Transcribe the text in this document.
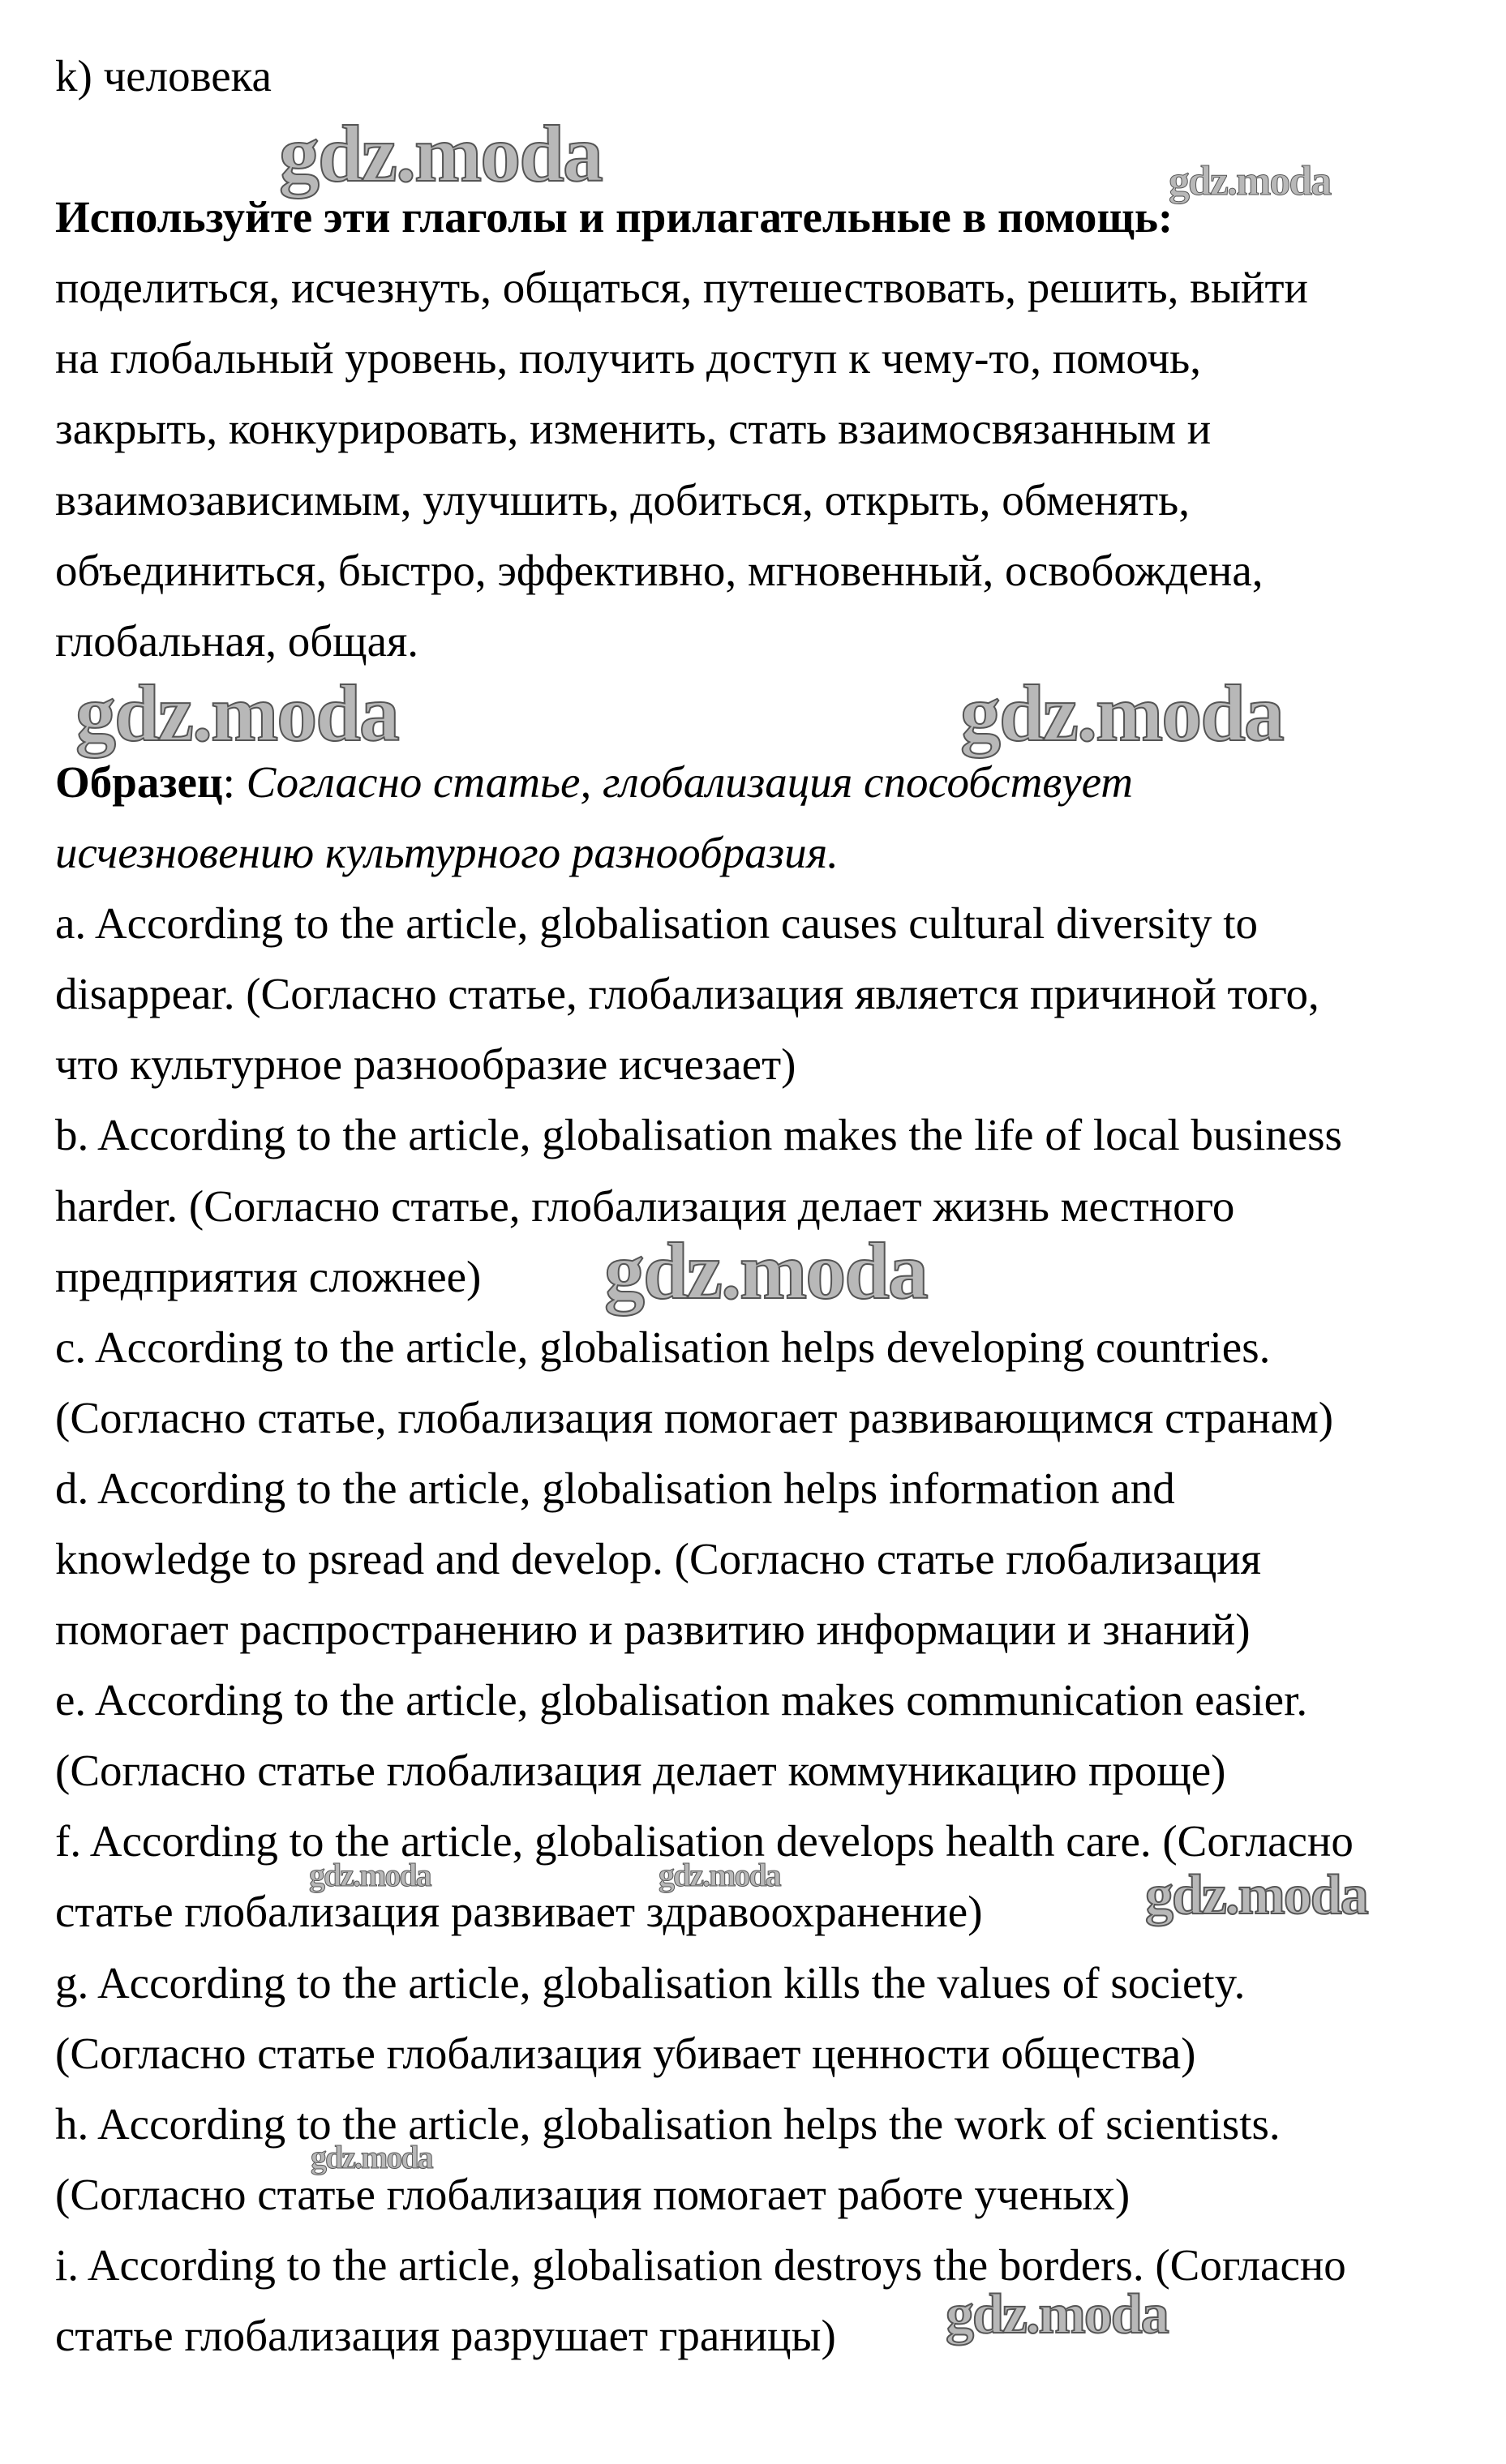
k) человека
Используйте эти глаголы и прилагательные в помощь:
поделиться, исчезнуть, общаться, путешествовать, решить, выйти
на глобальный уровень, получить доступ к чему-то, помочь,
закрыть, конкурировать, изменить, стать взаимосвязанным и
взаимозависимым, улучшить, добиться, открыть, обменять,
объединиться, быстро, эффективно, мгновенный, освобождена,
глобальная, общая.
Образец: Согласно статье, глобализация способствует
исчезновению культурного разнообразия.
a. According to the article, globalisation causes cultural diversity to
disappear. (Согласно статье, глобализация является причиной того,
что культурное разнообразие исчезает)
b. According to the article, globalisation makes the life of local business
harder. (Согласно статье, глобализация делает жизнь местного
предприятия сложнее)
c. According to the article, globalisation helps developing countries.
(Согласно статье, глобализация помогает развивающимся странам)
d. According to the article, globalisation helps information and
knowledge to psread and develop. (Согласно статье глобализация
помогает распространению и развитию информации и знаний)
e. According to the article, globalisation makes communication easier.
(Согласно статье глобализация делает коммуникацию проще)
f. According to the article, globalisation develops health care. (Согласно
статье глобализация развивает здравоохранение)
g. According to the article, globalisation kills the values of society.
(Согласно статье глобализация убивает ценности общества)
h. According to the article, globalisation helps the work of scientists.
(Согласно статье глобализация помогает работе ученых)
i. According to the article, globalisation destroys the borders. (Согласно
статье глобализация разрушает границы)
gdz.moda	gdz.moda
gdz.moda	gdz.moda
gdz.moda
gdz.moda	gdz.moda	gdz.moda
gdz.moda
gdz.moda
